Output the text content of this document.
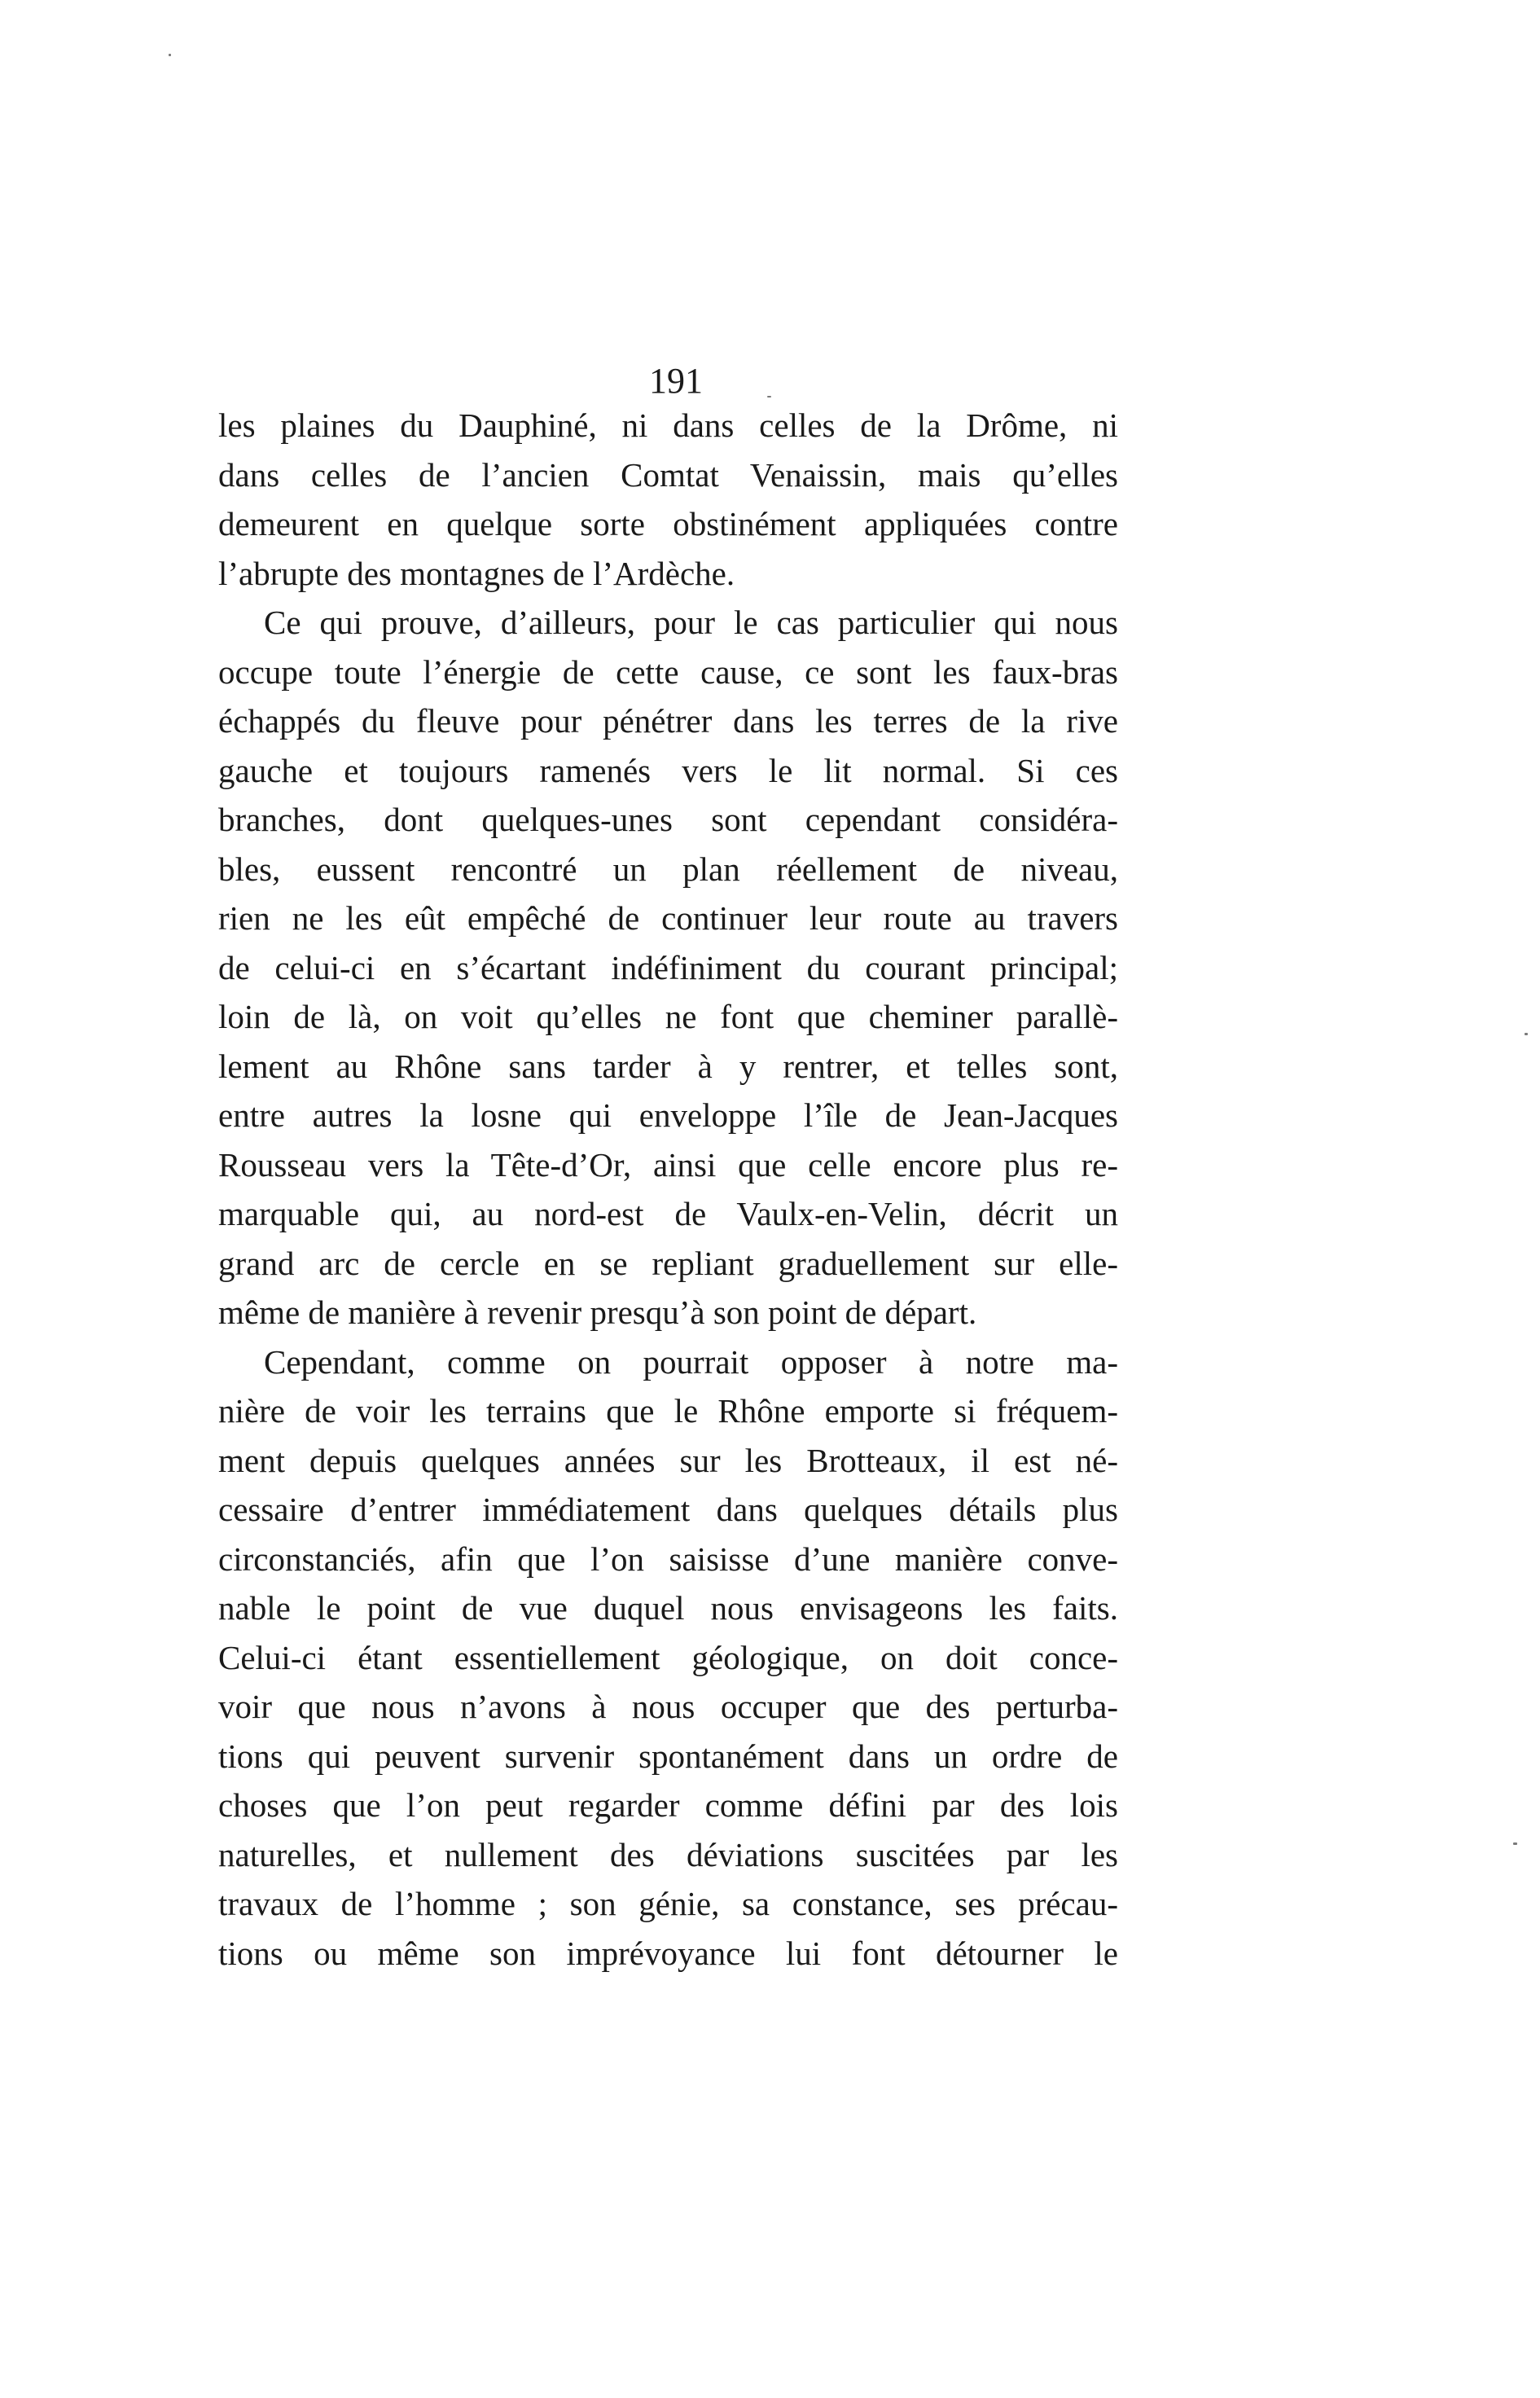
191
les plaines du Dauphiné, ni dans celles de la Drôme, ni
dans celles de l’ancien Comtat Venaissin, mais qu’elles
demeurent en quelque sorte obstinément appliquées contre
l’abrupte des montagnes de l’Ardèche.
Ce qui prouve, d’ailleurs, pour le cas particulier qui nous
occupe toute l’énergie de cette cause, ce sont les faux-bras
échappés du fleuve pour pénétrer dans les terres de la rive
gauche et toujours ramenés vers le lit normal. Si ces
branches, dont quelques-unes sont cependant considéra-
bles, eussent rencontré un plan réellement de niveau,
rien ne les eût empêché de continuer leur route au travers
de celui-ci en s’écartant indéfiniment du courant principal;
loin de là, on voit qu’elles ne font que cheminer parallè-
lement au Rhône sans tarder à y rentrer, et telles sont,
entre autres la losne qui enveloppe l’île de Jean-Jacques
Rousseau vers la Tête-d’Or, ainsi que celle encore plus re-
marquable qui, au nord-est de Vaulx-en-Velin, décrit un
grand arc de cercle en se repliant graduellement sur elle-
même de manière à revenir presqu’à son point de départ.
Cependant, comme on pourrait opposer à notre ma-
nière de voir les terrains que le Rhône emporte si fréquem-
ment depuis quelques années sur les Brotteaux, il est né-
cessaire d’entrer immédiatement dans quelques détails plus
circonstanciés, afin que l’on saisisse d’une manière conve-
nable le point de vue duquel nous envisageons les faits.
Celui-ci étant essentiellement géologique, on doit conce-
voir que nous n’avons à nous occuper que des perturba-
tions qui peuvent survenir spontanément dans un ordre de
choses que l’on peut regarder comme défini par des lois
naturelles, et nullement des déviations suscitées par les
travaux de l’homme ; son génie, sa constance, ses précau-
tions ou même son imprévoyance lui font détourner le
